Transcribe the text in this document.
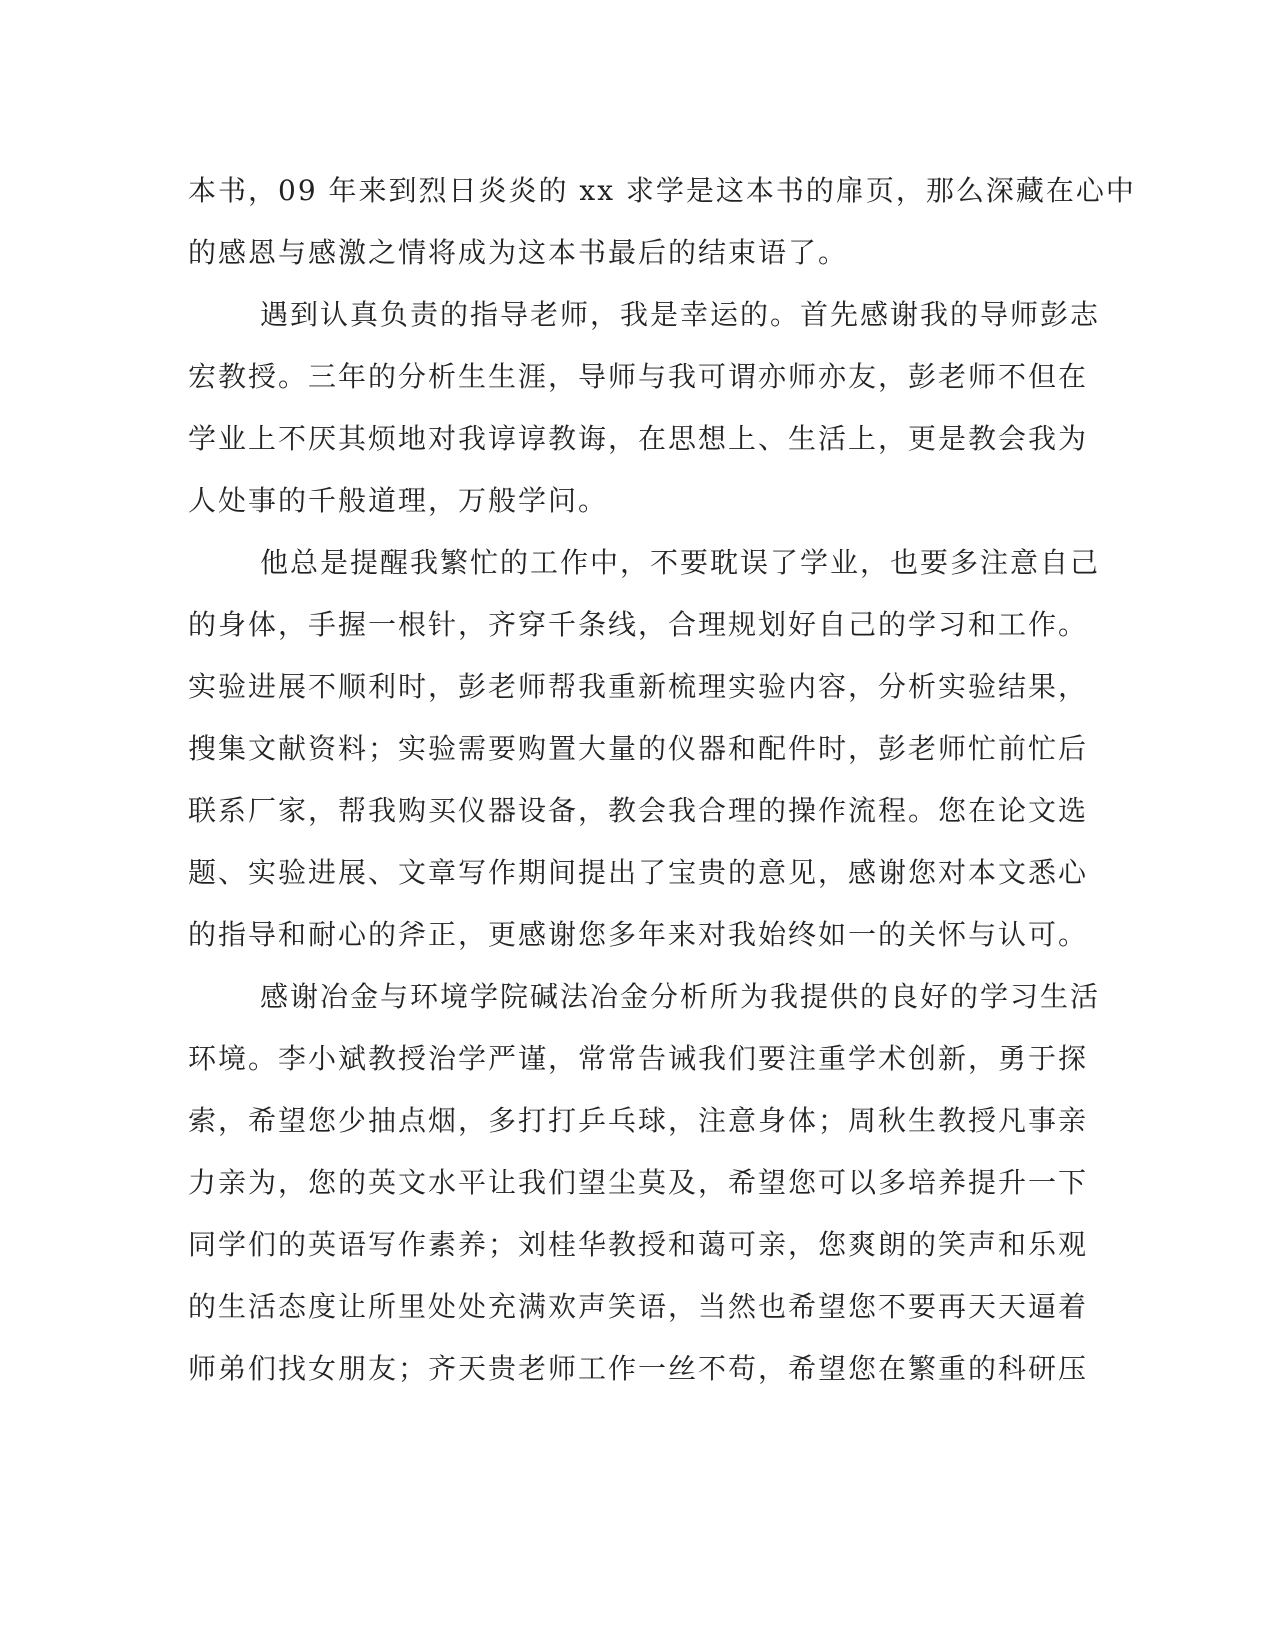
本书，09 年来到烈日炎炎的 xx 求学是这本书的扉页，那么深藏在心中
的感恩与感激之情将成为这本书最后的结束语了。
遇到认真负责的指导老师，我是幸运的。首先感谢我的导师彭志
宏教授。三年的分析生生涯，导师与我可谓亦师亦友，彭老师不但在
学业上不厌其烦地对我谆谆教诲，在思想上、生活上，更是教会我为
人处事的千般道理，万般学问。
他总是提醒我繁忙的工作中，不要耽误了学业，也要多注意自己
的身体，手握一根针，齐穿千条线，合理规划好自己的学习和工作。
实验进展不顺利时，彭老师帮我重新梳理实验内容，分析实验结果，
搜集文献资料；实验需要购置大量的仪器和配件时，彭老师忙前忙后
联系厂家，帮我购买仪器设备，教会我合理的操作流程。您在论文选
题、实验进展、文章写作期间提出了宝贵的意见，感谢您对本文悉心
的指导和耐心的斧正，更感谢您多年来对我始终如一的关怀与认可。
感谢冶金与环境学院碱法冶金分析所为我提供的良好的学习生活
环境。李小斌教授治学严谨，常常告诫我们要注重学术创新，勇于探
索，希望您少抽点烟，多打打乒乓球，注意身体；周秋生教授凡事亲
力亲为，您的英文水平让我们望尘莫及，希望您可以多培养提升一下
同学们的英语写作素养；刘桂华教授和蔼可亲，您爽朗的笑声和乐观
的生活态度让所里处处充满欢声笑语，当然也希望您不要再天天逼着
师弟们找女朋友；齐天贵老师工作一丝不苟，希望您在繁重的科研压
